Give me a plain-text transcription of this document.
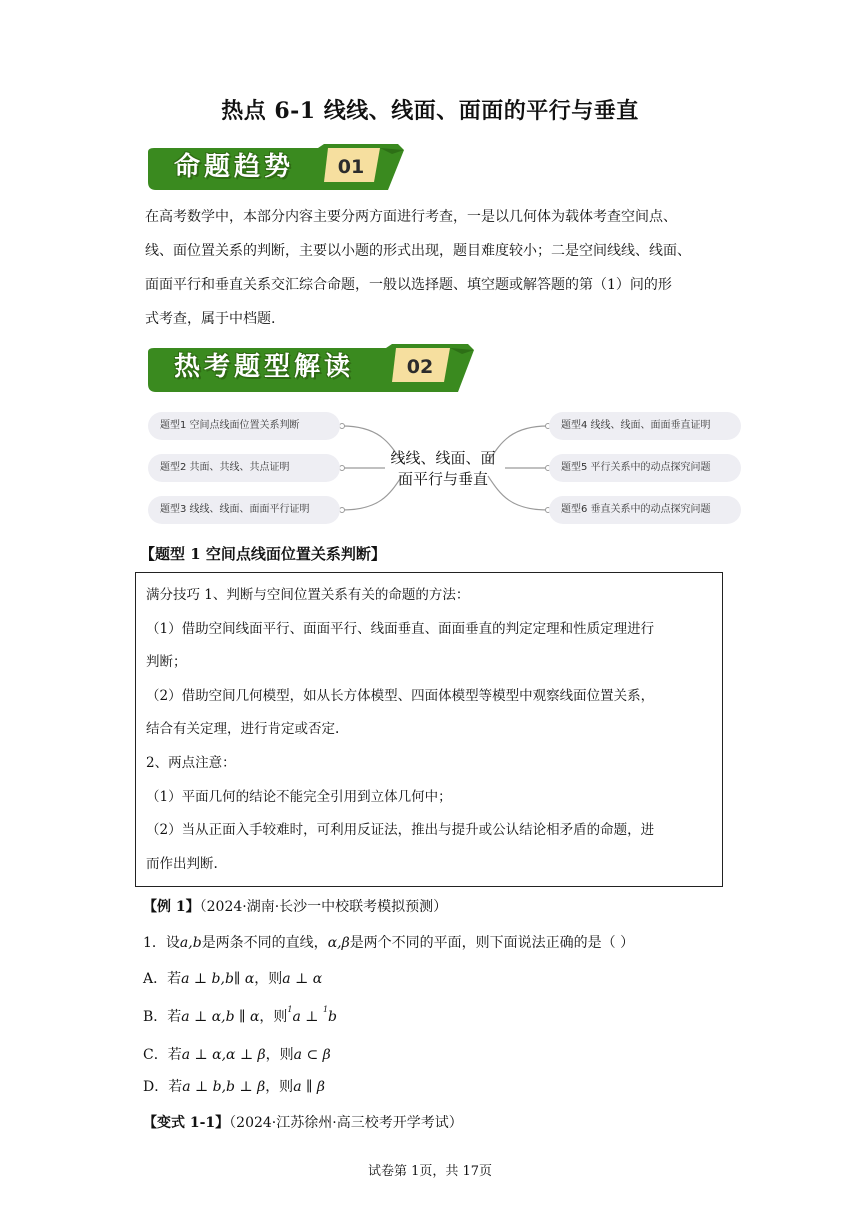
热点 6-1 线线、线面、面面的平行与垂直
命题趋势	01
在高考数学中，本部分内容主要分两方面进行考查，一是以几何体为载体考查空间点、
线、面位置关系的判断，主要以小题的形式出现，题目难度较小；二是空间线线、线面、
面面平行和垂直关系交汇综合命题，一般以选择题、填空题或解答题的第（1）问的形
式考查，属于中档题.
热考题型解读	02
题型1 空间点线面位置关系判断
题型2 共面、共线、共点证明
题型3 线线、线面、面面平行证明
线线、线面、面
面平行与垂直
题型4 线线、线面、面面垂直证明
题型5 平行关系中的动点探究问题
题型6 垂直关系中的动点探究问题
【题型 1 空间点线面位置关系判断】
满分技巧 1、判断与空间位置关系有关的命题的方法：
（1）借助空间线面平行、面面平行、线面垂直、面面垂直的判定定理和性质定理进行
判断；
（2）借助空间几何模型，如从长方体模型、四面体模型等模型中观察线面位置关系，
结合有关定理，进行肯定或否定.
2、两点注意：
（1）平面几何的结论不能完全引用到立体几何中；
（2）当从正面入手较难时，可利用反证法，推出与提升或公认结论相矛盾的命题，进
而作出判断.
【例 1】（2024·湖南·长沙一中校联考模拟预测）
1．设a,b是两条不同的直线，α,β是两个不同的平面，则下面说法正确的是（ ）
A．若a ⊥ b,b∥ α，则a ⊥ α
B．若a ⊥ α,b ∥ α，则$^1$a ⊥ $^1$b
C．若a ⊥ α,α ⊥ β，则a ⊂ β
D．若a ⊥ b,b ⊥ β，则a ∥ β
【变式 1-1】（2024·江苏徐州·高三校考开学考试）
试卷第 1页，共 17页
